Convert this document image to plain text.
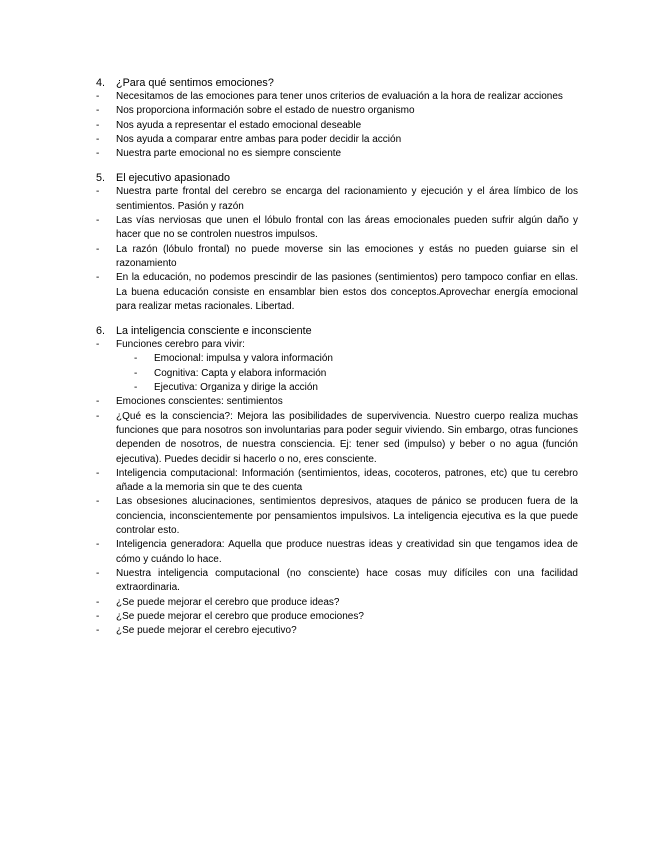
4.	¿Para qué sentimos emociones?
-	Necesitamos de las emociones para tener unos criterios de evaluación a la hora de realizar acciones
-	Nos proporciona información sobre el estado de nuestro organismo
-	Nos ayuda a representar el estado emocional deseable
-	Nos ayuda a comparar entre ambas para poder decidir la acción
-	Nuestra parte emocional no es siempre consciente
5.	El ejecutivo apasionado
-	Nuestra parte frontal del cerebro se encarga del racionamiento y ejecución y el área límbico de los sentimientos. Pasión y razón
-	Las vías nerviosas que unen el lóbulo frontal con las áreas emocionales pueden sufrir algún daño y hacer que no se controlen nuestros impulsos.
-	La razón (lóbulo frontal) no puede moverse sin las emociones y estás no pueden guiarse sin el razonamiento
-	En la educación, no podemos prescindir de las pasiones (sentimientos) pero tampoco confiar en ellas. La buena educación consiste en ensamblar bien estos dos conceptos.Aprovechar energía emocional para realizar metas racionales. Libertad.
6.	La inteligencia consciente e inconsciente
-	Funciones cerebro para vivir:
-	Emocional: impulsa y valora información
-	Cognitiva: Capta y elabora información
-	Ejecutiva: Organiza y dirige la acción
-	Emociones conscientes: sentimientos
-	¿Qué es la consciencia?: Mejora las posibilidades de supervivencia. Nuestro cuerpo realiza muchas funciones que para nosotros son involuntarias para poder seguir viviendo. Sin embargo, otras funciones dependen de nosotros, de nuestra consciencia. Ej: tener sed (impulso) y beber o no agua (función ejecutiva). Puedes decidir si hacerlo o no, eres consciente.
-	Inteligencia computacional: Información (sentimientos, ideas, cocoteros, patrones, etc) que tu cerebro añade a la memoria sin que te des cuenta
-	Las obsesiones alucinaciones, sentimientos depresivos, ataques de pánico se producen fuera de la conciencia, inconscientemente por pensamientos impulsivos. La inteligencia ejecutiva es la que puede controlar esto.
-	Inteligencia generadora: Aquella que produce nuestras ideas y creatividad sin que tengamos idea de cómo y cuándo lo hace.
-	Nuestra inteligencia computacional (no consciente) hace cosas muy difíciles con una facilidad extraordinaria.
-	¿Se puede mejorar el cerebro que produce ideas?
-	¿Se puede mejorar el cerebro que produce emociones?
-	¿Se puede mejorar el cerebro ejecutivo?
